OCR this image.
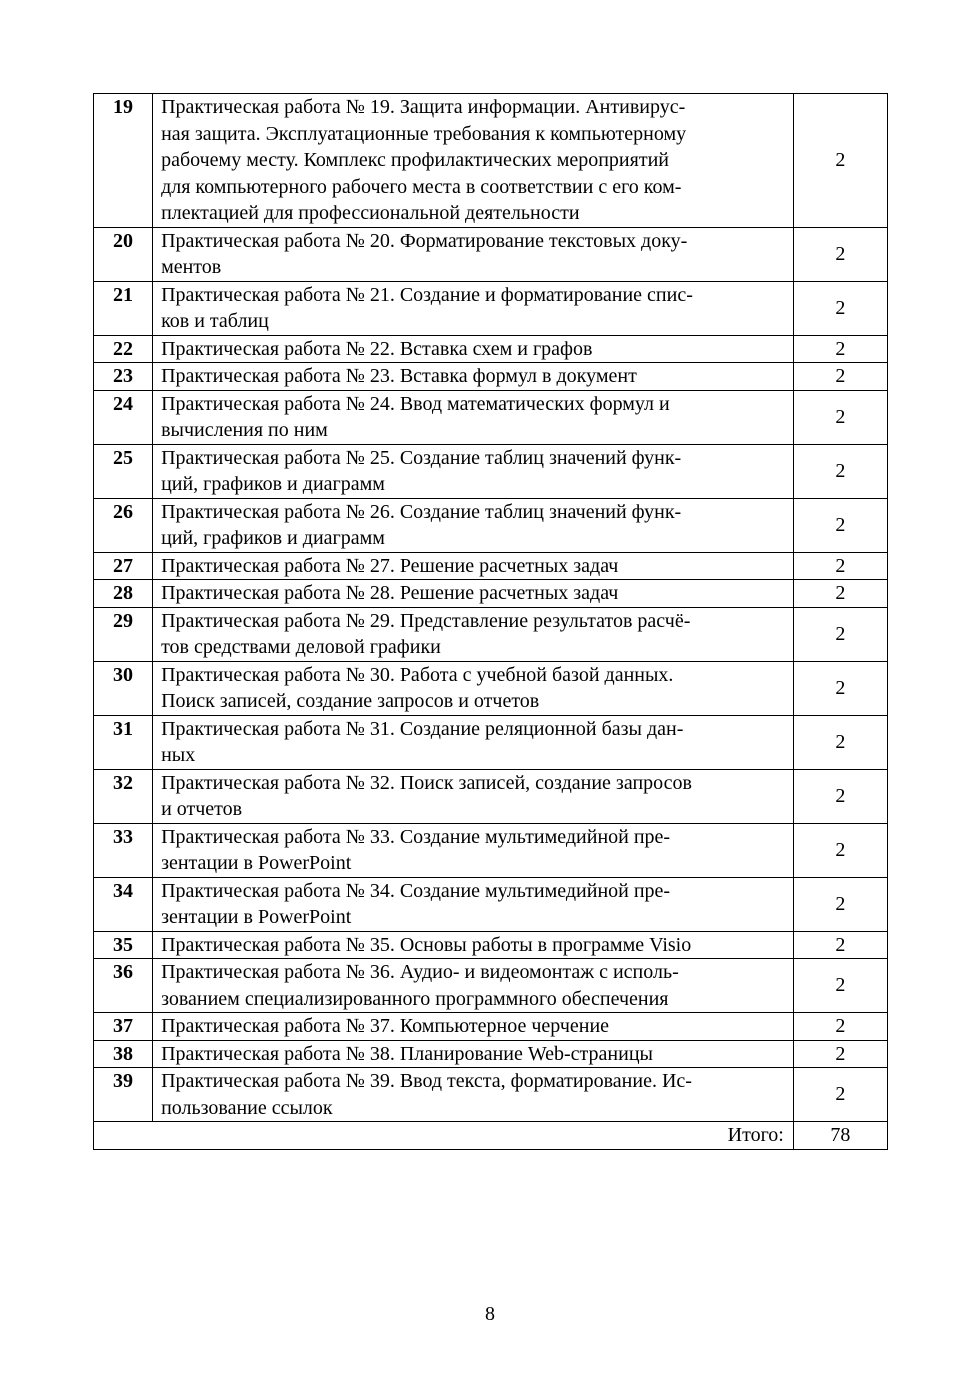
19	Практическая работа № 19. Защита информации. Антивирус-
ная защита. Эксплуатационные требования к компьютерному
рабочему месту. Комплекс профилактических мероприятий
для компьютерного рабочего места в соответствии с его ком-
плектацией для профессиональной деятельности	2
20	Практическая работа № 20. Форматирование текстовых доку-
ментов	2
21	Практическая работа № 21. Создание и форматирование спис-
ков и таблиц	2
22	Практическая работа № 22. Вставка схем и графов	2
23	Практическая работа № 23. Вставка формул в документ	2
24	Практическая работа № 24. Ввод математических формул и
вычисления по ним	2
25	Практическая работа № 25. Создание таблиц значений функ-
ций, графиков и диаграмм	2
26	Практическая работа № 26. Создание таблиц значений функ-
ций, графиков и диаграмм	2
27	Практическая работа № 27. Решение расчетных задач	2
28	Практическая работа № 28. Решение расчетных задач	2
29	Практическая работа № 29. Представление результатов расчё-
тов средствами деловой графики	2
30	Практическая работа № 30. Работа с учебной базой данных.
Поиск записей, создание запросов и отчетов	2
31	Практическая работа № 31. Создание реляционной базы дан-
ных	2
32	Практическая работа № 32. Поиск записей, создание запросов
и отчетов	2
33	Практическая работа № 33. Создание мультимедийной пре-
зентации в PowerPoint	2
34	Практическая работа № 34. Создание мультимедийной пре-
зентации в PowerPoint	2
35	Практическая работа № 35. Основы работы в программе Visio	2
36	Практическая работа № 36. Аудио- и видеомонтаж с исполь-
зованием специализированного программного обеспечения	2
37	Практическая работа № 37. Компьютерное черчение	2
38	Практическая работа № 38. Планирование Web-страницы	2
39	Практическая работа № 39. Ввод текста, форматирование. Ис-
пользование ссылок	2
Итого:		78
8
